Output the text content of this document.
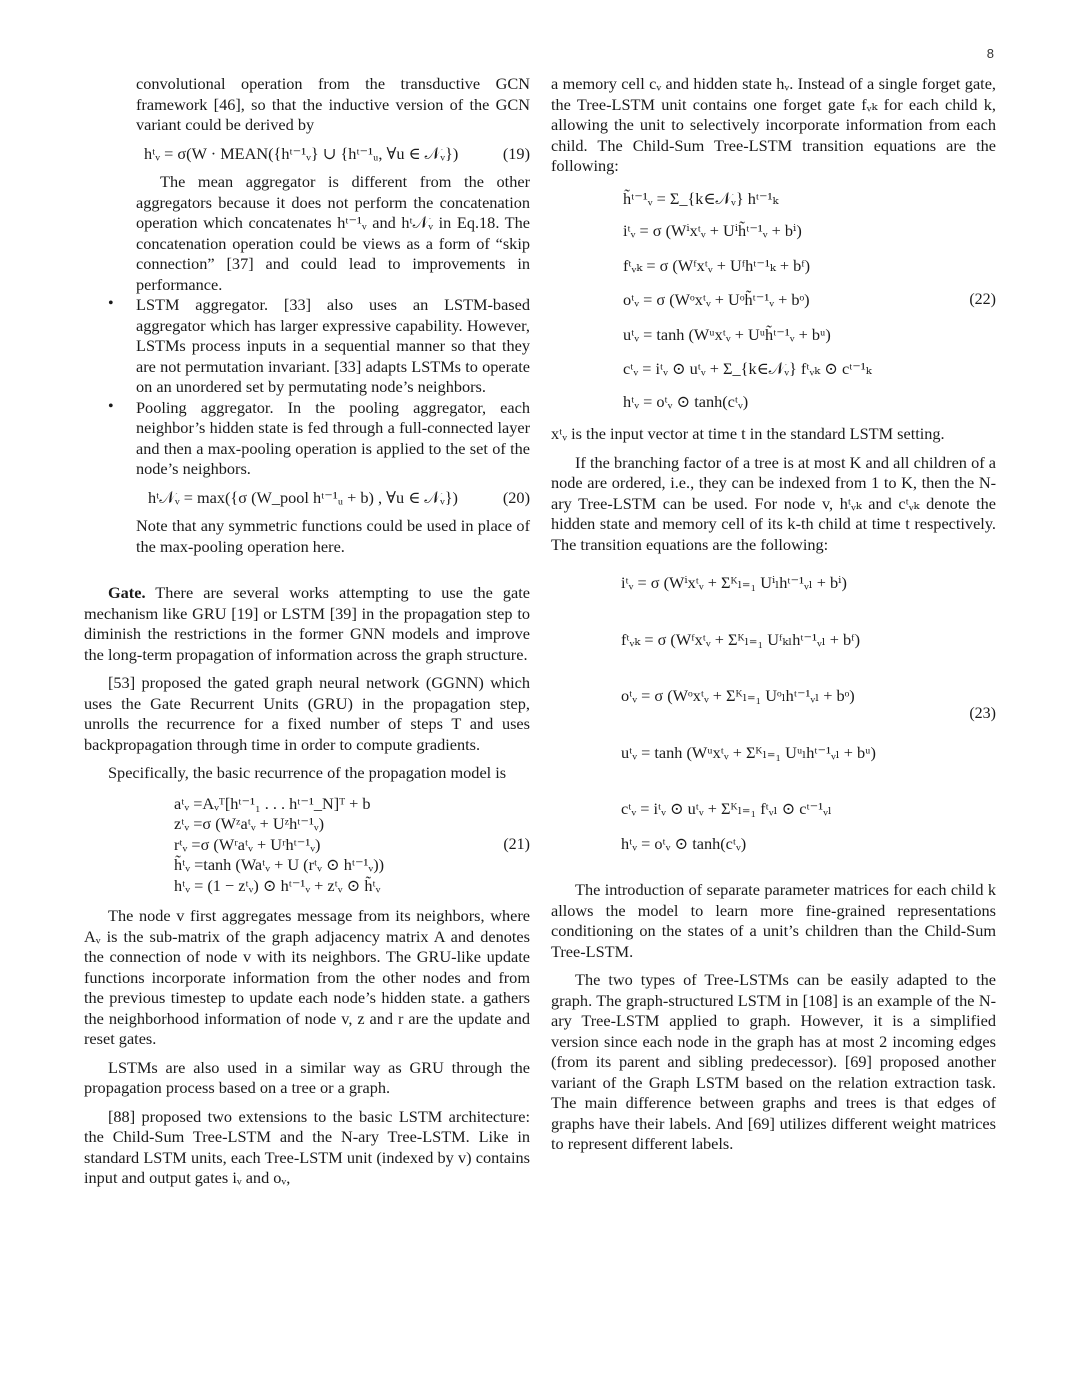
8

convolutional operation from the transductive GCN framework [46], so that the inductive version of the GCN variant could be derived by

hᵗᵥ = σ(W · MEAN({hᵗ⁻¹ᵥ} ∪ {hᵗ⁻¹ᵤ, ∀u ∈ 𝒩ᵥ})	(19)

The mean aggregator is different from the other aggregators because it does not perform the concatenation operation which concatenates hᵗ⁻¹ᵥ and hᵗ𝒩ᵥ in Eq.18. The concatenation operation could be views as a form of “skip connection” [37] and could lead to improvements in performance.

• LSTM aggregator. [33] also uses an LSTM-based aggregator which has larger expressive capability. However, LSTMs process inputs in a sequential manner so that they are not permutation invariant. [33] adapts LSTMs to operate on an unordered set by permutating node’s neighbors.

• Pooling aggregator. In the pooling aggregator, each neighbor’s hidden state is fed through a full-connected layer and then a max-pooling operation is applied to the set of the node’s neighbors.

hᵗ𝒩ᵥ = max({σ (W_pool hᵗ⁻¹ᵤ + b) , ∀u ∈ 𝒩ᵥ})	(20)

Note that any symmetric functions could be used in place of the max-pooling operation here.

Gate. There are several works attempting to use the gate mechanism like GRU [19] or LSTM [39] in the propagation step to diminish the restrictions in the former GNN models and improve the long-term propagation of information across the graph structure.

[53] proposed the gated graph neural network (GGNN) which uses the Gate Recurrent Units (GRU) in the propagation step, unrolls the recurrence for a fixed number of steps T and uses backpropagation through time in order to compute gradients.

Specifically, the basic recurrence of the propagation model is

aᵗᵥ =Aᵥᵀ[hᵗ⁻¹₁ . . . hᵗ⁻¹_N]ᵀ + b
zᵗᵥ =σ (Wᶻaᵗᵥ + Uᶻhᵗ⁻¹ᵥ)
rᵗᵥ =σ (Wʳaᵗᵥ + Uʳhᵗ⁻¹ᵥ)
h̃ᵗᵥ =tanh (Waᵗᵥ + U (rᵗᵥ ⊙ hᵗ⁻¹ᵥ))
hᵗᵥ = (1 − zᵗᵥ) ⊙ hᵗ⁻¹ᵥ + zᵗᵥ ⊙ h̃ᵗᵥ
(21)

The node v first aggregates message from its neighbors, where Aᵥ is the sub-matrix of the graph adjacency matrix A and denotes the connection of node v with its neighbors. The GRU-like update functions incorporate information from the other nodes and from the previous timestep to update each node’s hidden state. a gathers the neighborhood information of node v, z and r are the update and reset gates.

LSTMs are also used in a similar way as GRU through the propagation process based on a tree or a graph.

[88] proposed two extensions to the basic LSTM architecture: the Child-Sum Tree-LSTM and the N-ary Tree-LSTM. Like in standard LSTM units, each Tree-LSTM unit (indexed by v) contains input and output gates iᵥ and oᵥ,

a memory cell cᵥ and hidden state hᵥ. Instead of a single forget gate, the Tree-LSTM unit contains one forget gate fᵥₖ for each child k, allowing the unit to selectively incorporate information from each child. The Child-Sum Tree-LSTM transition equations are the following:

h̃ᵗ⁻¹ᵥ = Σ_{k∈𝒩ᵥ} hᵗ⁻¹ₖ
iᵗᵥ = σ (Wⁱxᵗᵥ + Uⁱh̃ᵗ⁻¹ᵥ + bⁱ)
fᵗᵥₖ = σ (Wᶠxᵗᵥ + Uᶠhᵗ⁻¹ₖ + bᶠ)
oᵗᵥ = σ (Wᵒxᵗᵥ + Uᵒh̃ᵗ⁻¹ᵥ + bᵒ)
uᵗᵥ = tanh (Wᵘxᵗᵥ + Uᵘh̃ᵗ⁻¹ᵥ + bᵘ)
cᵗᵥ = iᵗᵥ ⊙ uᵗᵥ + Σ_{k∈𝒩ᵥ} fᵗᵥₖ ⊙ cᵗ⁻¹ₖ
hᵗᵥ = oᵗᵥ ⊙ tanh(cᵗᵥ)
(22)

xᵗᵥ is the input vector at time t in the standard LSTM setting.

If the branching factor of a tree is at most K and all children of a node are ordered, i.e., they can be indexed from 1 to K, then the N-ary Tree-LSTM can be used. For node v, hᵗᵥₖ and cᵗᵥₖ denote the hidden state and memory cell of its k-th child at time t respectively. The transition equations are the following:

iᵗᵥ = σ (Wⁱxᵗᵥ + Σᴷₗ₌₁ Uⁱₗhᵗ⁻¹ᵥₗ + bⁱ)
fᵗᵥₖ = σ (Wᶠxᵗᵥ + Σᴷₗ₌₁ Uᶠₖₗhᵗ⁻¹ᵥₗ + bᶠ)
oᵗᵥ = σ (Wᵒxᵗᵥ + Σᴷₗ₌₁ Uᵒₗhᵗ⁻¹ᵥₗ + bᵒ)
uᵗᵥ = tanh (Wᵘxᵗᵥ + Σᴷₗ₌₁ Uᵘₗhᵗ⁻¹ᵥₗ + bᵘ)
cᵗᵥ = iᵗᵥ ⊙ uᵗᵥ + Σᴷₗ₌₁ fᵗᵥₗ ⊙ cᵗ⁻¹ᵥₗ
hᵗᵥ = oᵗᵥ ⊙ tanh(cᵗᵥ)
(23)

The introduction of separate parameter matrices for each child k allows the model to learn more fine-grained representations conditioning on the states of a unit’s children than the Child-Sum Tree-LSTM.

The two types of Tree-LSTMs can be easily adapted to the graph. The graph-structured LSTM in [108] is an example of the N-ary Tree-LSTM applied to graph. However, it is a simplified version since each node in the graph has at most 2 incoming edges (from its parent and sibling predecessor). [69] proposed another variant of the Graph LSTM based on the relation extraction task. The main difference between graphs and trees is that edges of graphs have their labels. And [69] utilizes different weight matrices to represent different labels.
